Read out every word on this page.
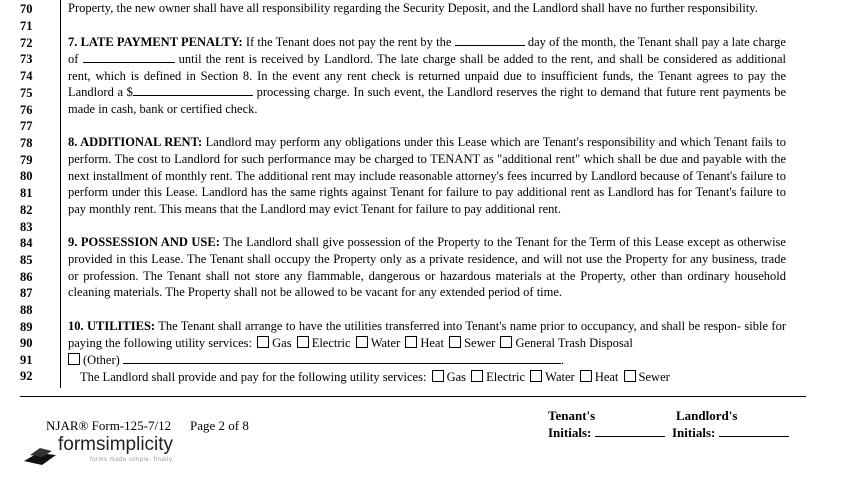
70
71
72
73
74
75
76
77
78
79
80
81
82
83
84
85
86
87
88
89
90
91
92
Property, the new owner shall have all responsibility regarding the Security Deposit, and the Landlord shall have no further responsibility.
7. LATE PAYMENT PENALTY: If the Tenant does not pay the rent by the	day of the month, the Tenant shall pay a late charge of	until the rent is received by Landlord. The late charge shall be added to the rent, and shall be considered as additional rent, which is defined in Section 8. In the event any rent check is returned unpaid due to insufficient funds, the Tenant agrees to pay the Landlord a $	processing charge. In such event, the Landlord reserves the right to demand that future rent payments be made in cash, bank or certified check.
8. ADDITIONAL RENT: Landlord may perform any obligations under this Lease which are Tenant's responsibility and which Tenant fails to perform. The cost to Landlord for such performance may be charged to TENANT as "additional rent" which shall be due and payable with the next installment of monthly rent. The additional rent may include reasonable attorney's fees incurred by Landlord because of Tenant's failure to perform under this Lease. Landlord has the same rights against Tenant for failure to pay additional rent as Landlord has for Tenant's failure to pay monthly rent. This means that the Landlord may evict Tenant for failure to pay additional rent.
9. POSSESSION AND USE: The Landlord shall give possession of the Property to the Tenant for the Term of this Lease except as otherwise provided in this Lease. The Tenant shall occupy the Property only as a private residence, and will not use the Property for any business, trade or profession. The Tenant shall not store any flammable, dangerous or hazardous materials at the Property, other than ordinary household cleaning materials. The Property shall not be allowed to be vacant for any extended period of time.
10. UTILITIES: The Tenant shall arrange to have the utilities transferred into Tenant's name prior to occupancy, and shall be respon- sible for paying the following utility services: Gas Electric Water Heat Sewer General Trash Disposal
(Other)	.
The Landlord shall provide and pay for the following utility services: Gas Electric Water Heat Sewer
NJAR® Form-125-7/12 Page 2 of 8
Tenant's
Initials:
Landlord's
Initials:
formsimplicity
forms made simple. finally.
